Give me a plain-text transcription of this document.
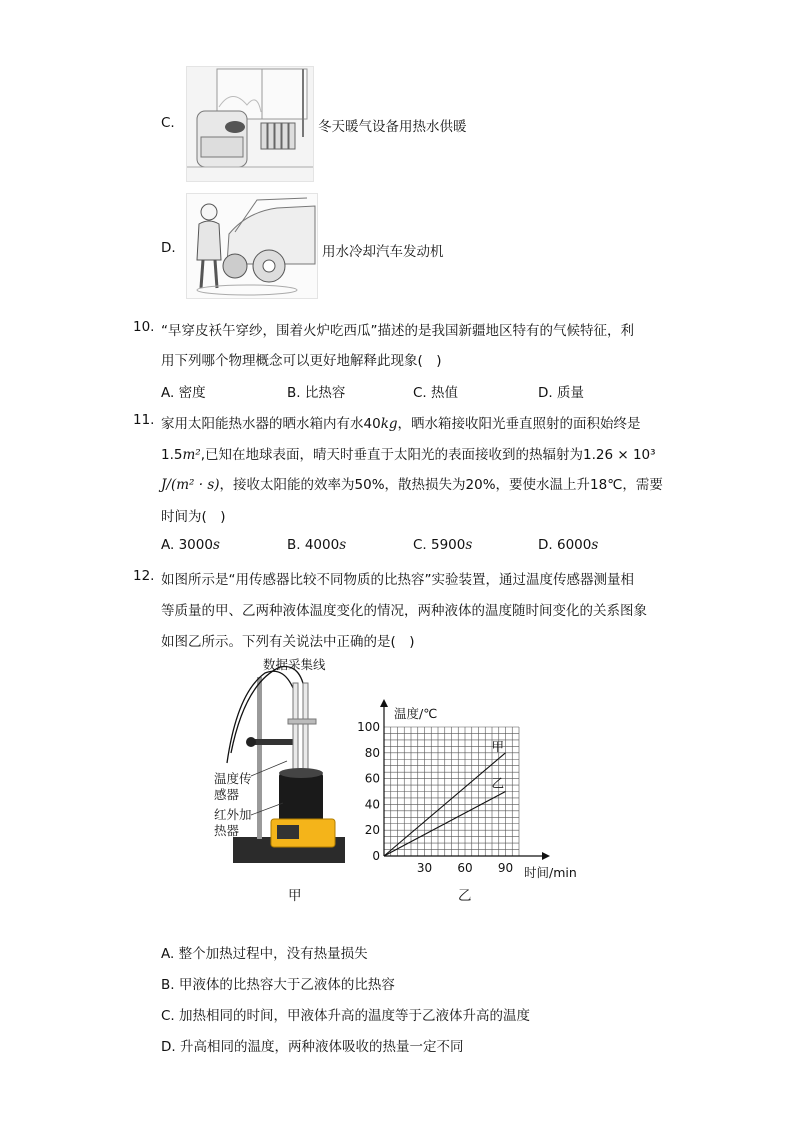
C.	冬天暖气设备用热水供暖
D.	用水冷却汽车发动机
10. “早穿皮袄午穿纱，围着火炉吃西瓜”描述的是我国新疆地区特有的气候特征，利
用下列哪个物理概念可以更好地解释此现象(　)
A. 密度	B. 比热容	C. 热值	D. 质量
11. 家用太阳能热水器的晒水箱内有水40kg，晒水箱接收阳光垂直照射的面积始终是
1.5m²,已知在地球表面，晴天时垂直于太阳光的表面接收到的热辐射为1.26 × 10³
J/(m² · s)，接收太阳能的效率为50%，散热损失为20%，要使水温上升18℃，需要
时间为(　)
A. 3000s	B. 4000s	C. 5900s	D. 6000s
12. 如图所示是“用传感器比较不同物质的比热容”实验装置，通过温度传感器测量相
等质量的甲、乙两种液体温度变化的情况，两种液体的温度随时间变化的关系图象
如图乙所示。下列有关说法中正确的是(　)
数据采集线
温度传
感器
红外加
热器
甲
0
20
40
60
80
100
30 60 90
温度/℃
时间/min
甲
乙
乙
A. 整个加热过程中，没有热量损失
B. 甲液体的比热容大于乙液体的比热容
C. 加热相同的时间，甲液体升高的温度等于乙液体升高的温度
D. 升高相同的温度，两种液体吸收的热量一定不同
